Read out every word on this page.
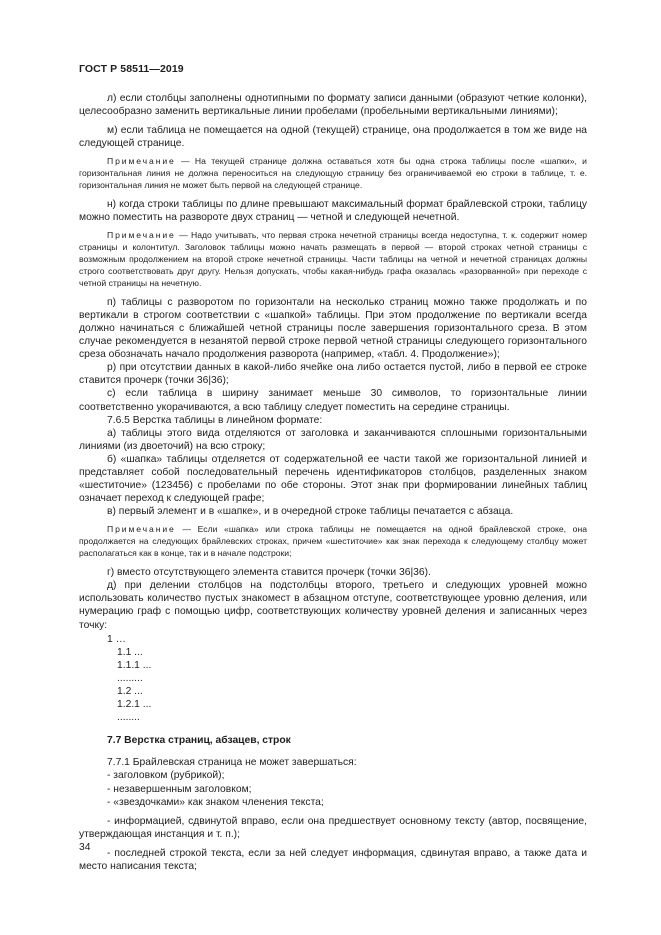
ГОСТ Р 58511—2019

л) если столбцы заполнены однотипными по формату записи данными (образуют четкие колонки), целесообразно заменить вертикальные линии пробелами (пробельными вертикальными линиями);

м) если таблица не помещается на одной (текущей) странице, она продолжается в том же виде на следующей странице.

Примечание — На текущей странице должна оставаться хотя бы одна строка таблицы после «шапки», и горизонтальная линия не должна переноситься на следующую страницу без ограничиваемой ею строки в таблице, т. е. горизонтальная линия не может быть первой на следующей странице.

н) когда строки таблицы по длине превышают максимальный формат брайлевской строки, таблицу можно поместить на развороте двух страниц — четной и следующей нечетной.

Примечание — Надо учитывать, что первая строка нечетной страницы всегда недоступна, т. к. содержит номер страницы и колонтитул. Заголовок таблицы можно начать размещать в первой — второй строках четной страницы с возможным продолжением на второй строке нечетной страницы. Части таблицы на четной и нечетной страницах должны строго соответствовать друг другу. Нельзя допускать, чтобы какая-нибудь графа оказалась «разорванной» при переходе с четной страницы на нечетную.

п) таблицы с разворотом по горизонтали на несколько страниц можно также продолжать и по вертикали в строгом соответствии с «шапкой» таблицы. При этом продолжение по вертикали всегда должно начинаться с ближайшей четной страницы после завершения горизонтального среза. В этом случае рекомендуется в незанятой первой строке первой четной страницы следующего горизонтального среза обозначать начало продолжения разворота (например, «табл. 4. Продолжение»);

р) при отсутствии данных в какой-либо ячейке она либо остается пустой, либо в первой ее строке ставится прочерк (точки 36|36);

с) если таблица в ширину занимает меньше 30 символов, то горизонтальные линии соответственно укорачиваются, а всю таблицу следует поместить на середине страницы.

7.6.5 Верстка таблицы в линейном формате:

а) таблицы этого вида отделяются от заголовка и заканчиваются сплошными горизонтальными линиями (из двоеточий) на всю строку;

б) «шапка» таблицы отделяется от содержательной ее части такой же горизонтальной линией и представляет собой последовательный перечень идентификаторов столбцов, разделенных знаком «шеститочие» (123456) с пробелами по обе стороны. Этот знак при формировании линейных таблиц означает переход к следующей графе;

в) первый элемент и в «шапке», и в очередной строке таблицы печатается с абзаца.

Примечание — Если «шапка» или строка таблицы не помещается на одной брайлевской строке, она продолжается на следующих брайлевских строках, причем «шеститочие» как знак перехода к следующему столбцу может располагаться как в конце, так и в начале подстроки;

г) вместо отсутствующего элемента ставится прочерк (точки 36|36).

д) при делении столбцов на подстолбцы второго, третьего и следующих уровней можно использовать количество пустых знакомест в абзацном отступе, соответствующее уровню деления, или нумерацию граф с помощью цифр, соответствующих количеству уровней деления и записанных через точку:

1 …
1.1 ...
1.1.1 ...
.........
1.2 ...
1.2.1 ...
........
7.7 Верстка страниц, абзацев, строк

7.7.1 Брайлевская страница не может завершаться:

- заголовком (рубрикой);

- незавершенным заголовком;

- «звездочками» как знаком членения текста;

- информацией, сдвинутой вправо, если она предшествует основному тексту (автор, посвящение, утверждающая инстанция и т. п.);

- последней строкой текста, если за ней следует информация, сдвинутая вправо, а также дата и место написания текста;

34
